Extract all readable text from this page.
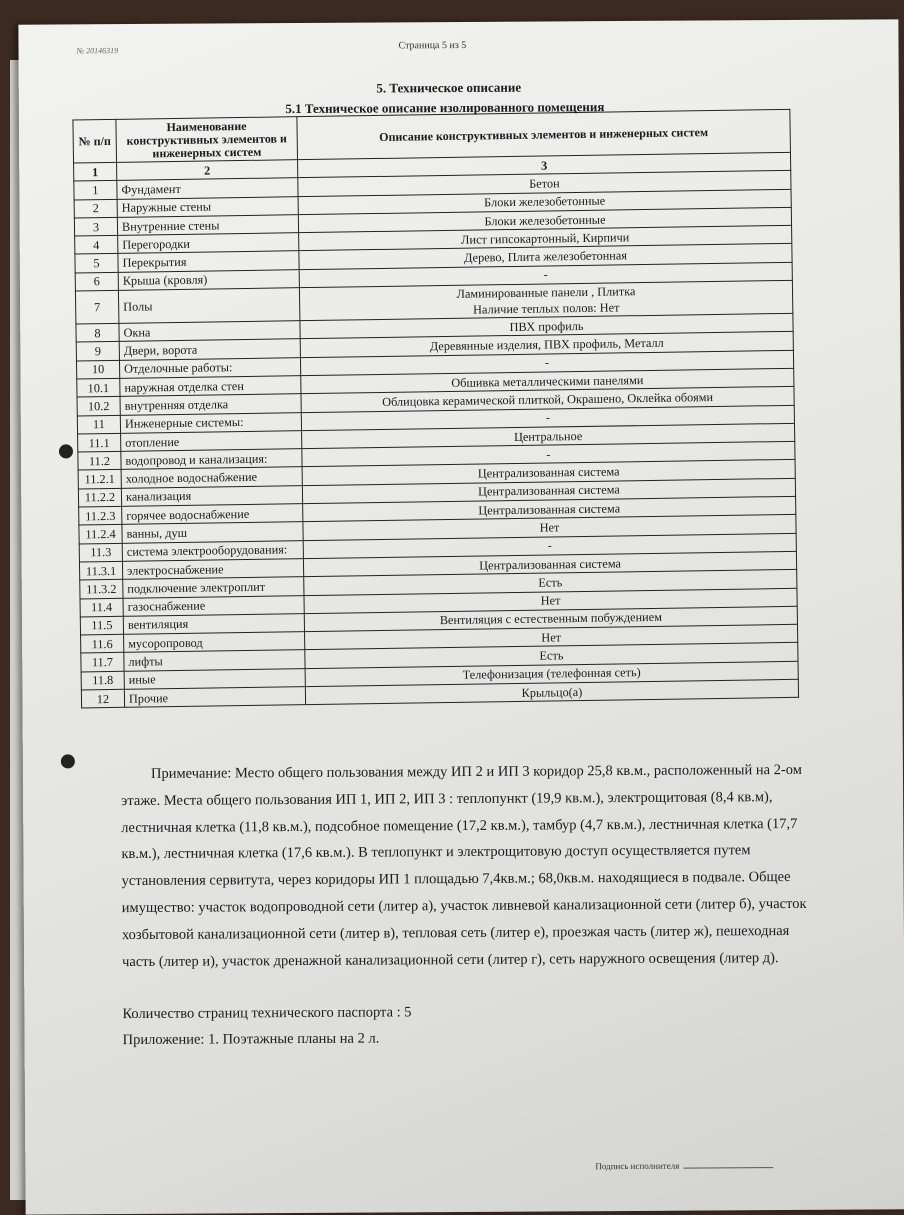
№ 20146319	Страница 5 из 5
5. Техническое описание
5.1 Техническое описание изолированного помещения
№ п/п	Наименование конструктивных элементов и инженерных систем	Описание конструктивных элементов и инженерных систем
1	2	3
1	Фундамент	Бетон
2	Наружные стены	Блоки железобетонные
3	Внутренние стены	Блоки железобетонные
4	Перегородки	Лист гипсокартонный, Кирпичи
5	Перекрытия	Дерево, Плита железобетонная
6	Крыша (кровля)	-
7	Полы	Ламинированные панели , Плитка
Наличие теплых полов: Нет
8	Окна	ПВХ профиль
9	Двери, ворота	Деревянные изделия, ПВХ профиль, Металл
10	Отделочные работы:	-
10.1	наружная отделка стен	Обшивка металлическими панелями
10.2	внутренняя отделка	Облицовка керамической плиткой, Окрашено, Оклейка обоями
11	Инженерные системы:	-
11.1	отопление	Центральное
11.2	водопровод и канализация:	-
11.2.1	холодное водоснабжение	Централизованная система
11.2.2	канализация	Централизованная система
11.2.3	горячее водоснабжение	Централизованная система
11.2.4	ванны, душ	Нет
11.3	система электрооборудования:	-
11.3.1	электроснабжение	Централизованная система
11.3.2	подключение электроплит	Есть
11.4	газоснабжение	Нет
11.5	вентиляция	Вентиляция с естественным побуждением
11.6	мусоропровод	Нет
11.7	лифты	Есть
11.8	иные	Телефонизация (телефонная сеть)
12	Прочие	Крыльцо(а)
Примечание: Место общего пользования между ИП 2 и ИП 3 коридор 25,8 кв.м., расположенный на 2-ом этаже. Места общего пользования ИП 1, ИП 2, ИП 3 : теплопункт (19,9 кв.м.), электрощитовая (8,4 кв.м), лестничная клетка (11,8 кв.м.), подсобное помещение (17,2 кв.м.), тамбур (4,7 кв.м.), лестничная клетка (17,7 кв.м.), лестничная клетка (17,6 кв.м.). В теплопункт и электрощитовую доступ осуществляется путем установления сервитута, через коридоры ИП 1 площадью 7,4кв.м.; 68,0кв.м. находящиеся в подвале. Общее имущество: участок водопроводной сети (литер а), участок ливневой канализационной сети (литер б), участок хозбытовой канализационной сети (литер в), тепловая сеть (литер е), проезжая часть (литер ж), пешеходная часть (литер и), участок дренажной канализационной сети (литер г), сеть наружного освещения (литер д).
Количество страниц технического паспорта : 5
Приложение: 1. Поэтажные планы на 2 л.
Подпись исполнителя
